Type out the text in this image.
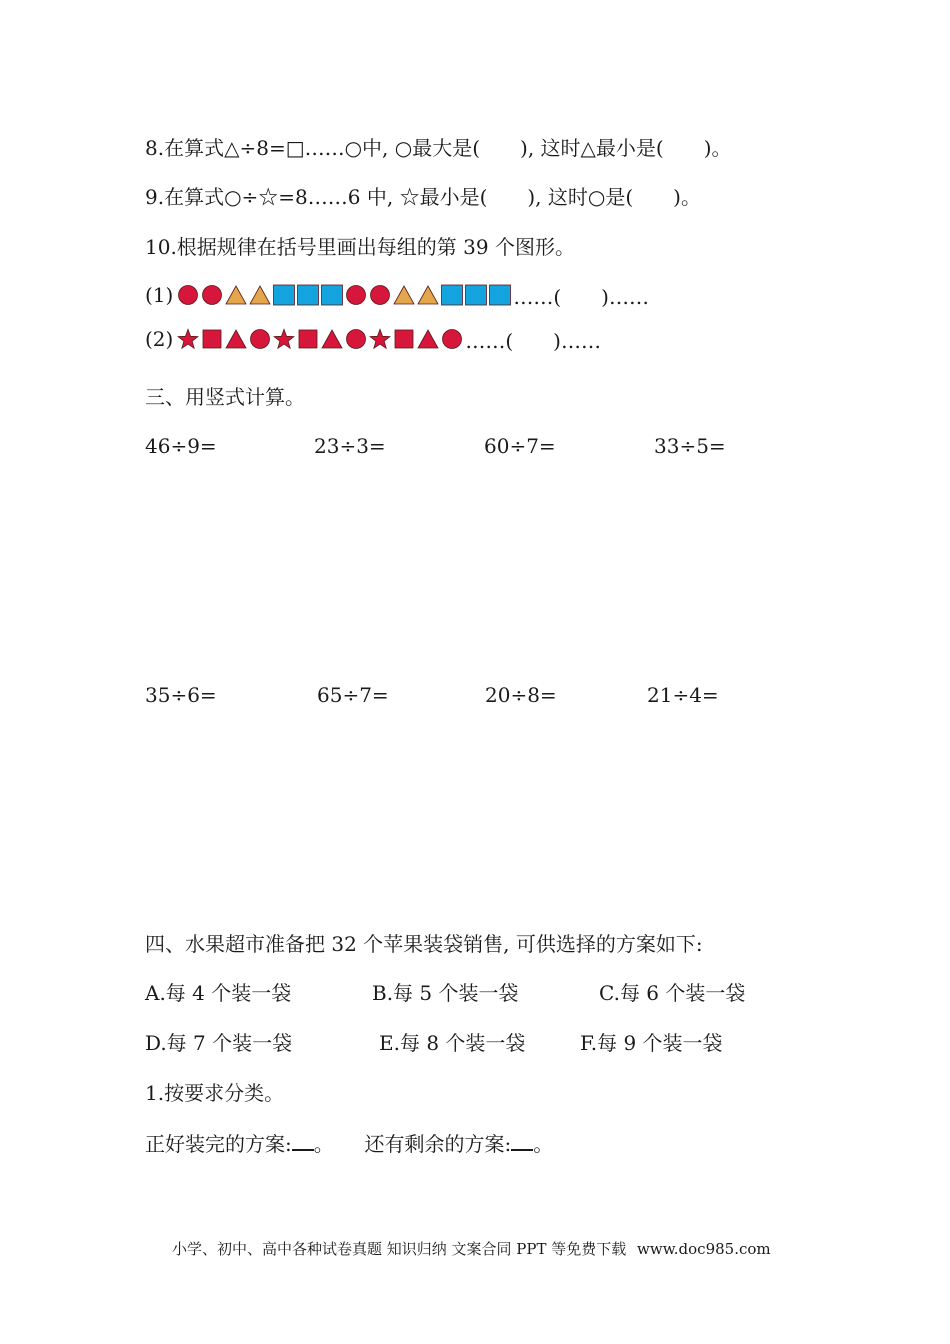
8.在算式△÷8=□……○中, ○最大是(　　), 这时△最小是(　　)。
9.在算式○÷☆=8……6 中, ☆最小是(　　), 这时○是(　　)。
10.根据规律在括号里画出每组的第 39 个图形。
(1)	……(　　)……
(2)	……(　　)……
三、用竖式计算。
46÷9=	23÷3=	60÷7=	33÷5=
35÷6=	65÷7=	20÷8=	21÷4=
四、水果超市准备把 32 个苹果装袋销售, 可供选择的方案如下:
A.每 4 个装一袋	B.每 5 个装一袋	C.每 6 个装一袋
D.每 7 个装一袋	E.每 8 个装一袋	F.每 9 个装一袋
1.按要求分类。
正好装完的方案: 。 还有剩余的方案: 。
小学、初中、高中各种试卷真题 知识归纳 文案合同 PPT 等免费下载 www.doc985.com
